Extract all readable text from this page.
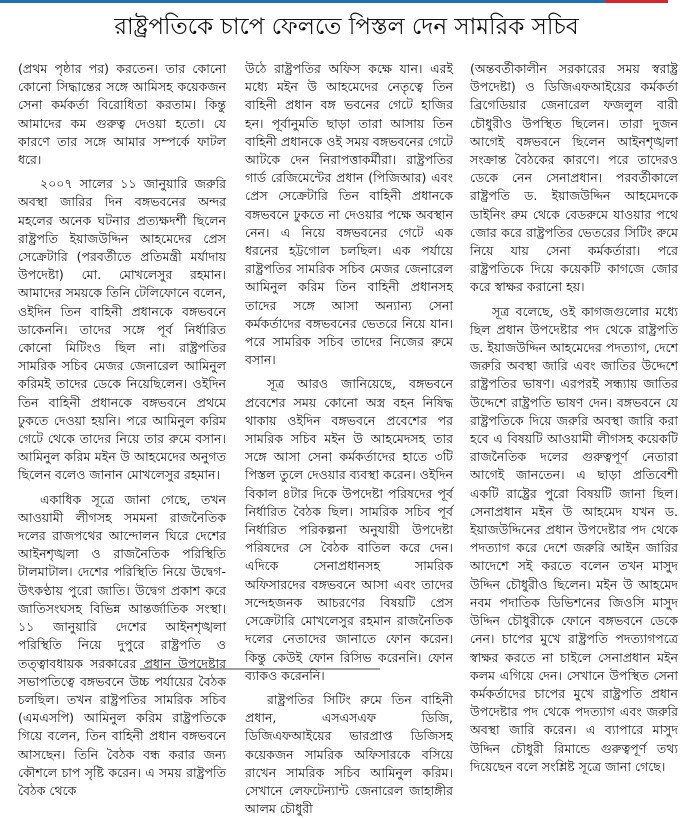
রাষ্ট্রপতিকে চাপে ফেলতে পিস্তল দেন সামরিক সচিব

(প্রথম পৃষ্ঠার পর) করতেন। তার কোনো কোনো সিদ্ধান্তের সঙ্গে আমিসহ কয়েকজন সেনা কর্মকর্তা বিরোধিতা করতাম। কিন্তু আমাদের কম গুরুত্ব দেওয়া হতো। যে কারণে তার সঙ্গে আমার সম্পর্কে ফাটল ধরে।

২০০৭ সালের ১১ জানুয়ারি জরুরি অবস্থা জারির দিন বঙ্গভবনের অন্দর মহলের অনেক ঘটনার প্রত্যক্ষদর্শী ছিলেন রাষ্ট্রপতি ইয়াজউদ্দিন আহমেদের প্রেস সেক্রেটারি (পরবর্তীতে প্রতিমন্ত্রী মর্যাদায় উপদেষ্টা) মো. মোখলেসুর রহমান। আমাদের সময়কে তিনি টেলিফোনে বলেন, ওইদিন তিন বাহিনী প্রধানকে বঙ্গভবনে ডাকেননি। তাদের সঙ্গে পূর্ব নির্ধারিত কোনো মিটিংও ছিল না। রাষ্ট্রপতির সামরিক সচিব মেজর জেনারেল আমিনুল করিমই তাদের ডেকে নিয়েছিলেন। ওইদিন তিন বাহিনী প্রধানকে বঙ্গভবনে প্রথমে ঢুকতে দেওয়া হয়নি। পরে আমিনুল করিম গেটে থেকে তাদের নিয়ে তার রুমে বসান। আমিনুল করিম মইন উ আহমেদের অনুগত ছিলেন বলেও জানান মোখলেসুর রহমান।

একাধিক সূত্রে জানা গেছে, তখন আওয়ামী লীগসহ সমমনা রাজনৈতিক দলের রাজপথের আন্দোলন ঘিরে দেশের আইনশৃঙ্খলা ও রাজনৈতিক পরিস্থিতি টালমাটাল। দেশের পরিস্থিতি নিয়ে উদ্বেগ-উৎকণ্ঠায় পুরো জাতি। উদ্বেগ প্রকাশ করে জাতিসংঘসহ বিভিন্ন আন্তর্জাতিক সংস্থা। ১১ জানুয়ারি দেশের আইনশৃঙ্খলা পরিস্থিতি নিয়ে দুপুরে রাষ্ট্রপতি ও তত্ত্বাবধায়ক সরকারের প্রধান উপদেষ্টার সভাপতিত্বে বঙ্গভবনে উচ্চ পর্যায়ের বৈঠক চলছিল। তখন রাষ্ট্রপতির সামরিক সচিব (এমএসপি) আমিনুল করিম রাষ্ট্রপতিকে গিয়ে বলেন, তিন বাহিনী প্রধান বঙ্গভবনে আসছেন। তিনি বৈঠক বন্ধ করার জন্য কৌশলে চাপ সৃষ্টি করেন। এ সময় রাষ্ট্রপতি বৈঠক থেকে

উঠে রাষ্ট্রপতির অফিস কক্ষে যান। এরই মধ্যে মইন উ আহমেদের নেতৃত্বে তিন বাহিনী প্রধান বঙ্গ ভবনের গেটে হাজির হন। পূর্বানুমতি ছাড়া তারা আসায় তিন বাহিনী প্রধানকে ওই সময় বঙ্গভবনের গেটে আটকে দেন নিরাপত্তাকর্মীরা। রাষ্ট্রপতির গার্ড রেজিমেন্টের প্রধান (পিজিআর) এবং প্রেস সেক্রেটারি তিন বাহিনী প্রধানকে বঙ্গভবনে ঢুকতে না দেওয়ার পক্ষে অবস্থান নেন। এ নিয়ে বঙ্গভবনের গেটে এক ধরনের হট্টগোল চলছিল। এক পর্যায়ে রাষ্ট্রপতির সামরিক সচিব মেজর জেনারেল আমিনুল করিম তিন বাহিনী প্রধানসহ তাদের সঙ্গে আসা অন্যান্য সেনা কর্মকর্তাদের বঙ্গভবনের ভেতরে নিয়ে যান। পরে সামরিক সচিব তাদের নিজের রুমে বসান।

সূত্র আরও জানিয়েছে, বঙ্গভবনে প্রবেশের সময় কোনো অস্ত্র বহন নিষিদ্ধ থাকায় ওইদিন বঙ্গভবনে প্রবেশের পর সামরিক সচিব মইন উ আহমেদসহ তার সঙ্গে আসা সেনা কর্মকর্তাদের হাতে ৩টি পিস্তল তুলে দেওয়ার ব্যবস্থা করেন। ওইদিন বিকাল ৪টার দিকে উপদেষ্টা পরিষদের পূর্ব নির্ধারিত বৈঠক ছিল। সামরিক সচিব পূর্ব নির্ধারিত পরিকল্পনা অনুযায়ী উপদেষ্টা পরিষদের সে বৈঠক বাতিল করে দেন। এদিকে সেনাপ্রধানসহ সামরিক অফিসারদের বঙ্গভবনে আসা এবং তাদের সন্দেহজনক আচরণের বিষয়টি প্রেস সেক্রেটারি মোখলেসুর রহমান রাজনৈতিক দলের নেতাদের জানাতে ফোন করেন। কিন্তু কেউই ফোন রিসিভ করেননি। ফোন ব্যাকও করেননি।

রাষ্ট্রপতির সিটিং রুমে তিন বাহিনী প্রধান, এসএসএফ ডিজি, ডিজিএফআইয়ের ভারপ্রাপ্ত ডিজিসহ কয়েকজন সামরিক অফিসারকে বসিয়ে রাখেন সামরিক সচিব আমিনুল করিম। সেখানে লেফটেন্যান্ট জেনারেল জাহাঙ্গীর আলম চৌধুরী

(অন্তবর্তীকালীন সরকারের সময় স্বরাষ্ট্র উপদেষ্টা) ও ডিজিএফআইয়ের কর্মকর্তা ব্রিগেডিয়ার জেনারেল ফজলুল বারী চৌধুরীও উপস্থিত ছিলেন। তারা দুজন আগেই বঙ্গভবনে ছিলেন আইনশৃঙ্খলা সংক্রান্ত বৈঠকের কারণে। পরে তাদেরও ডেকে নেন সেনাপ্রধান। পরবর্তীকালে রাষ্ট্রপতি ড. ইয়াজউদ্দিন আহমেদকে ডাইনিং রুম থেকে বেডরুমে যাওয়ার পথে জোর করে রাষ্ট্রপতির ভেতরের সিটিং রুমে নিয়ে যায় সেনা কর্মকর্তারা। পরে রাষ্ট্রপতিকে দিয়ে কয়েকটি কাগজে জোর করে স্বাক্ষর করানো হয়।

সূত্র বলেছে, ওই কাগজগুলোর মধ্যে ছিল প্রধান উপদেষ্টার পদ থেকে রাষ্ট্রপতি ড. ইয়াজউদ্দিন আহমেদের পদত্যাগ, দেশে জরুরি অবস্থা জারি এবং জাতির উদ্দেশে রাষ্ট্রপতির ভাষণ। এরপরই সন্ধ্যায় জাতির উদ্দেশে রাষ্ট্রপতি ভাষণ দেন। বঙ্গভবনে যে রাষ্ট্রপতিকে দিয়ে জরুরি অবস্থা জারি করা হবে এ বিষয়টি আওয়ামী লীগসহ কয়েকটি রাজনৈতিক দলের গুরুত্বপূর্ণ নেতারা আগেই জানতেন। এ ছাড়া প্রতিবেশী একটি রাষ্ট্রের পুরো বিষয়টি জানা ছিল। সেনাপ্রধান মইন উ আহমেদ যখন ড. ইয়াজউদ্দিনের প্রধান উপদেষ্টার পদ থেকে পদত্যাগ করে দেশে জরুরি আইন জারির আদেশে সই করতে বলেন তখন মাসুদ উদ্দিন চৌধুরীও ছিলেন। মইন উ আহমেদ নবম পদাতিক ডিভিশনের জিওসি মাসুদ উদ্দিন চৌধুরীকে ফোনে বঙ্গভবনে ডেকে নেন। চাপের মুখে রাষ্ট্রপতি পদত্যাগপত্রে স্বাক্ষর করতে না চাইলে সেনাপ্রধান মইন কলম এগিয়ে দেন। সেখানে উপস্থিত সেনা কর্মকর্তাদের চাপের মুখে রাষ্ট্রপতি প্রধান উপদেষ্টার পদ থেকে পদত্যাগ এবং জরুরি অবস্থা জারি করেন। এ ব্যাপারে মাসুদ উদ্দিন চৌধুরী রিমান্ডে গুরুত্বপূর্ণ তথ্য দিয়েছেন বলে সংশ্লিষ্ট সূত্রে জানা গেছে।
